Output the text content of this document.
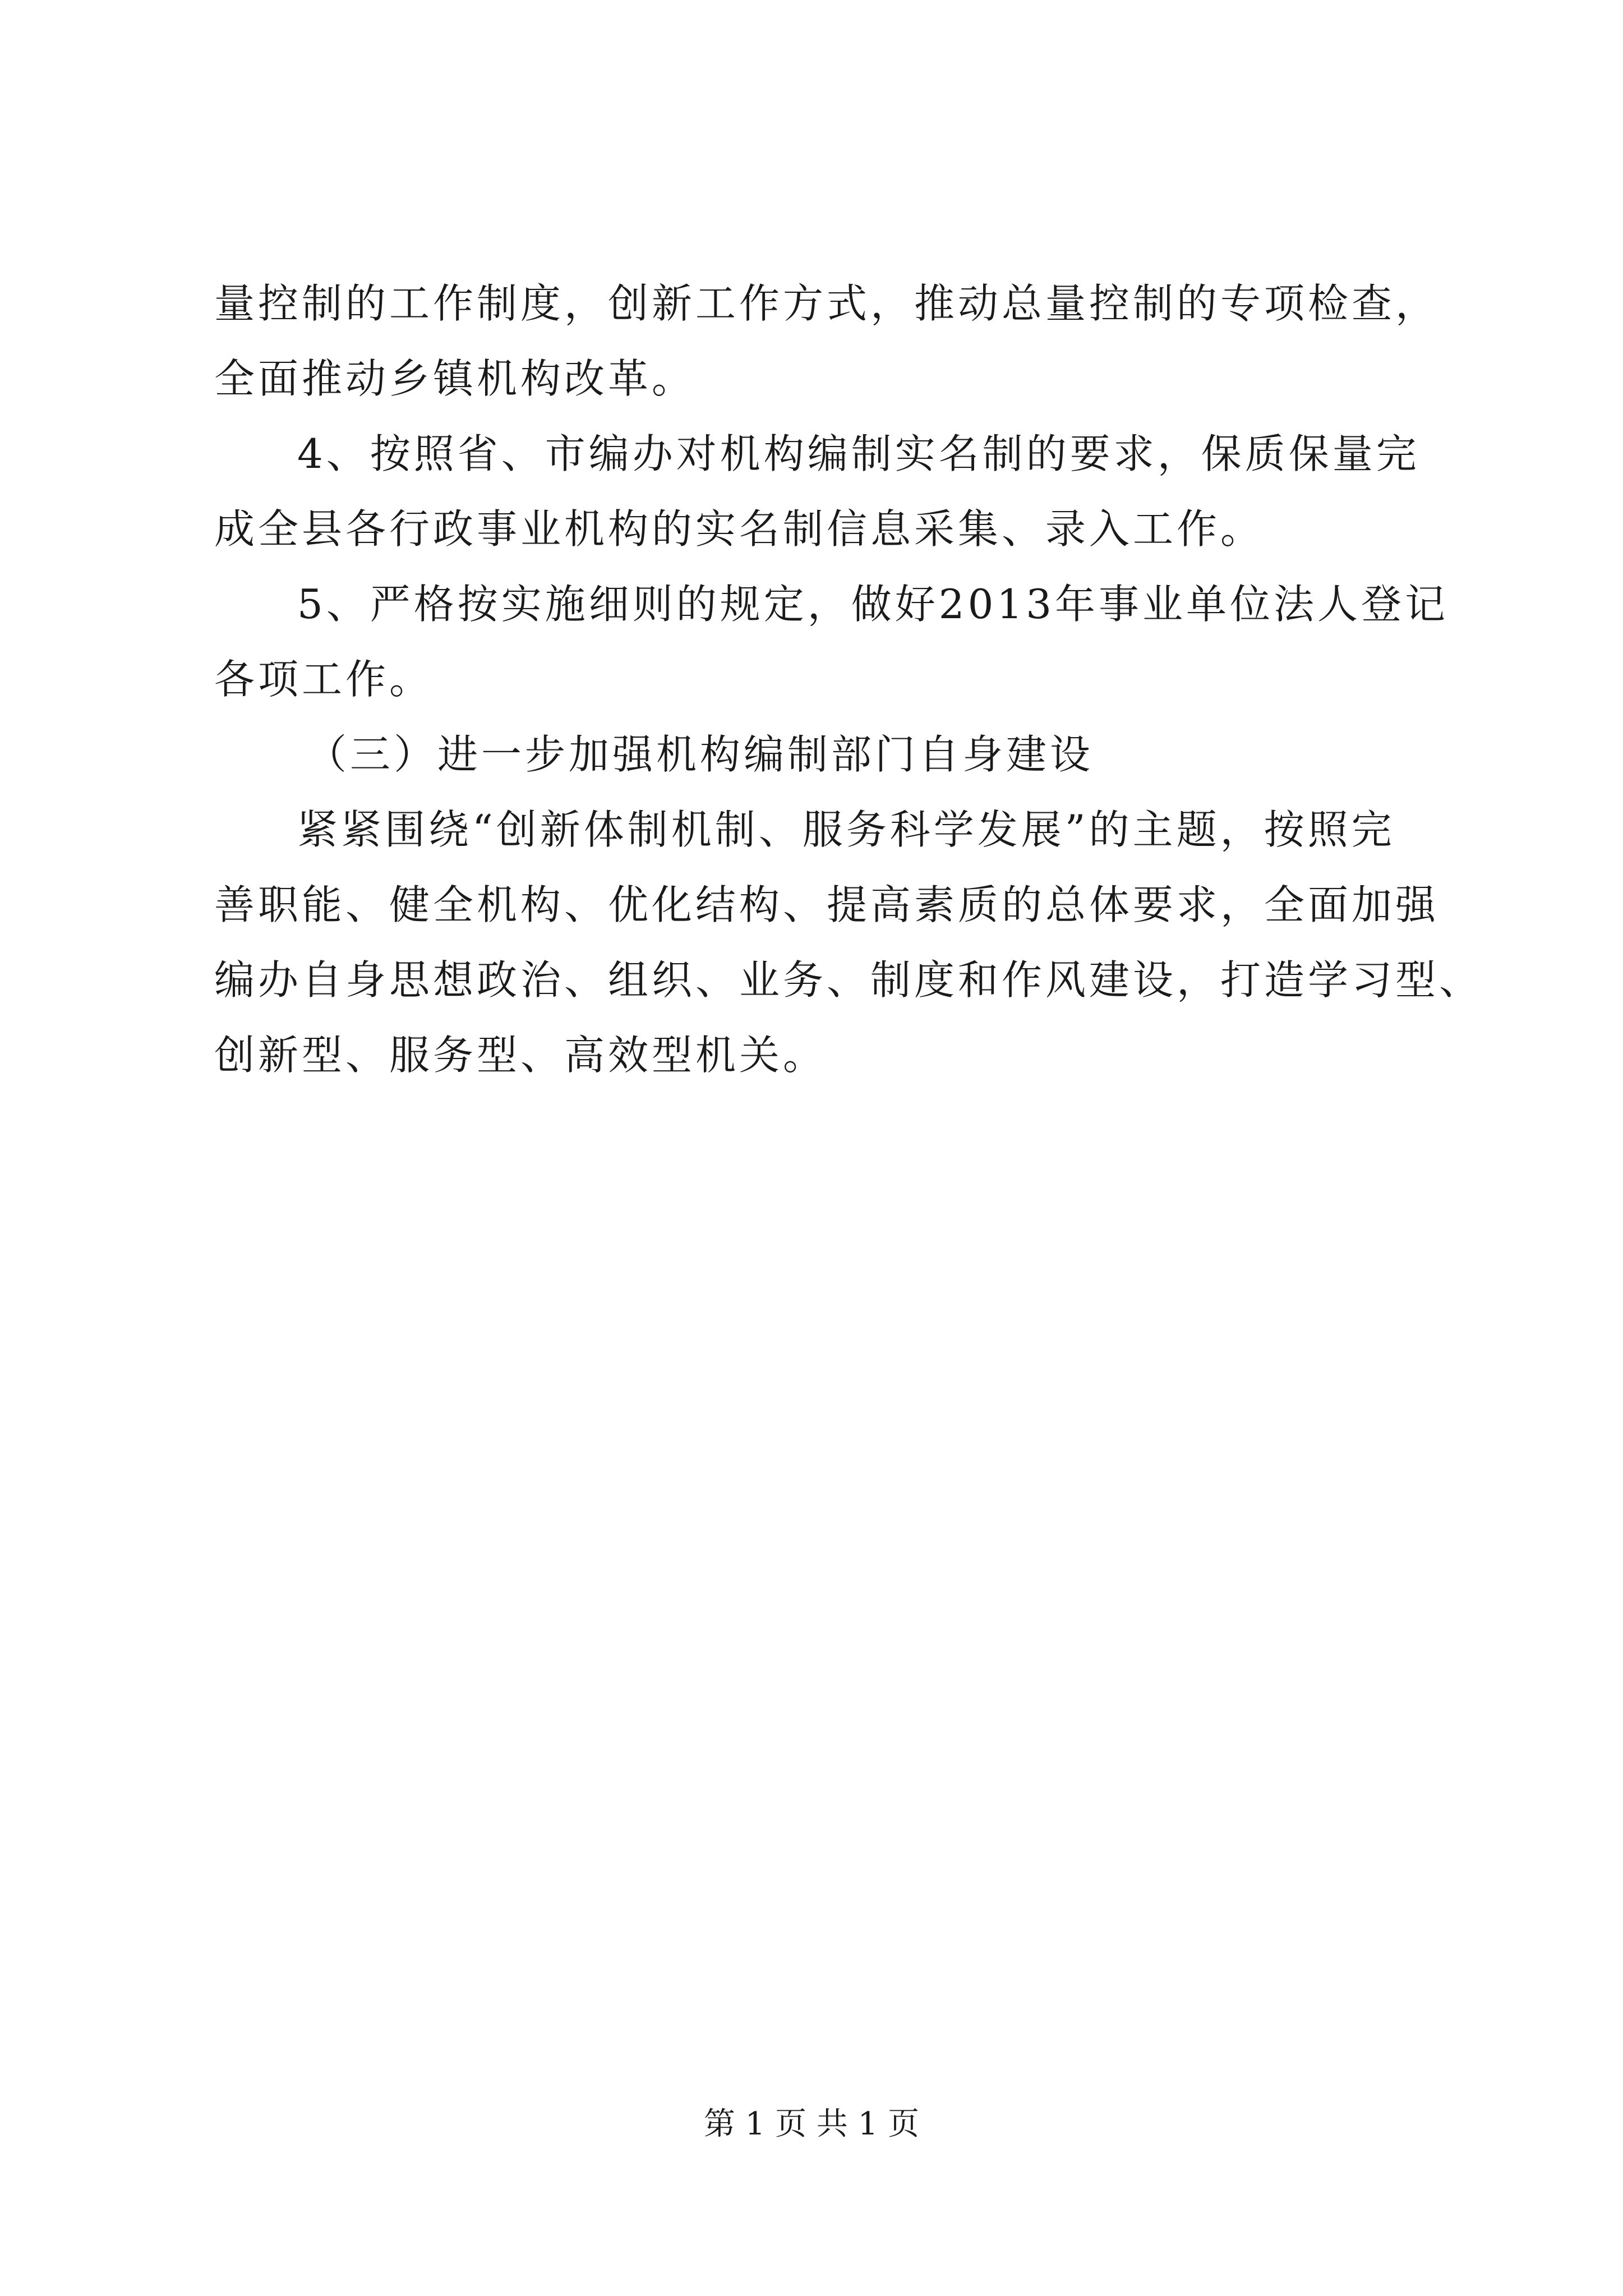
量控制的工作制度，创新工作方式，推动总量控制的专项检查，
全面推动乡镇机构改革。
4、按照省、市编办对机构编制实名制的要求，保质保量完
成全县各行政事业机构的实名制信息采集、录入工作。
5、严格按实施细则的规定，做好2013年事业单位法人登记
各项工作。
（三）进一步加强机构编制部门自身建设
紧紧围绕“创新体制机制、服务科学发展”的主题，按照完
善职能、健全机构、优化结构、提高素质的总体要求，全面加强
编办自身思想政治、组织、业务、制度和作风建设，打造学习型、
创新型、服务型、高效型机关。
第 1 页 共 1 页
